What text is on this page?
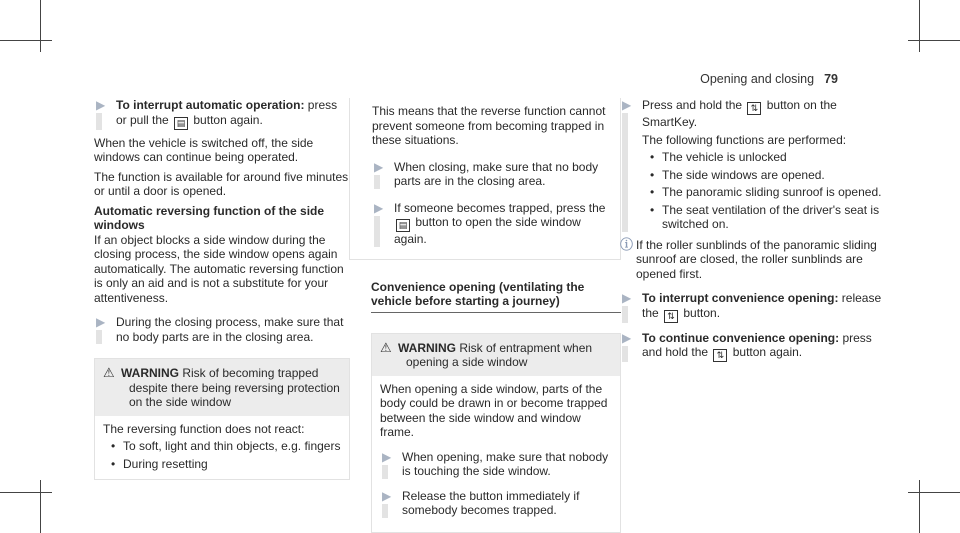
Opening and closing 79
▶ To interrupt automatic operation: press or pull the ▤ button again.

When the vehicle is switched off, the side windows can continue being operated.

The function is available for around five minutes or until a door is opened.

Automatic reversing function of the side windows

If an object blocks a side window during the closing process, the side window opens again automatically. The automatic reversing function is only an aid and is not a substitute for your attentiveness.

▶ During the closing process, make sure that no body parts are in the closing area.
⚠ WARNING Risk of becoming trapped
despite there being reversing protection on the side window

The reversing function does not react:

• To soft, light and thin objects, e.g. fingers
• During resetting

This means that the reverse function cannot prevent someone from becoming trapped in these situations.

▶ When closing, make sure that no body parts are in the closing area.
▶ If someone becomes trapped, press the ▤ button to open the side window again.
Convenience opening (ventilating the vehicle before starting a journey)
⚠ WARNING Risk of entrapment when
opening a side window

When opening a side window, parts of the body could be drawn in or become trapped between the side window and window frame.

▶ When opening, make sure that nobody is touching the side window.
▶ Release the button immediately if somebody becomes trapped.
▶ Press and hold the ⇅ button on the SmartKey.

The following functions are performed:

• The vehicle is unlocked
• The side windows are opened.
• The panoramic sliding sunroof is opened.
• The seat ventilation of the driver's seat is switched on.
ⓘ If the roller sunblinds of the panoramic sliding sunroof are closed, the roller sunblinds are opened first.
▶ To interrupt convenience opening: release the ⇅ button.
▶ To continue convenience opening: press and hold the ⇅ button again.
